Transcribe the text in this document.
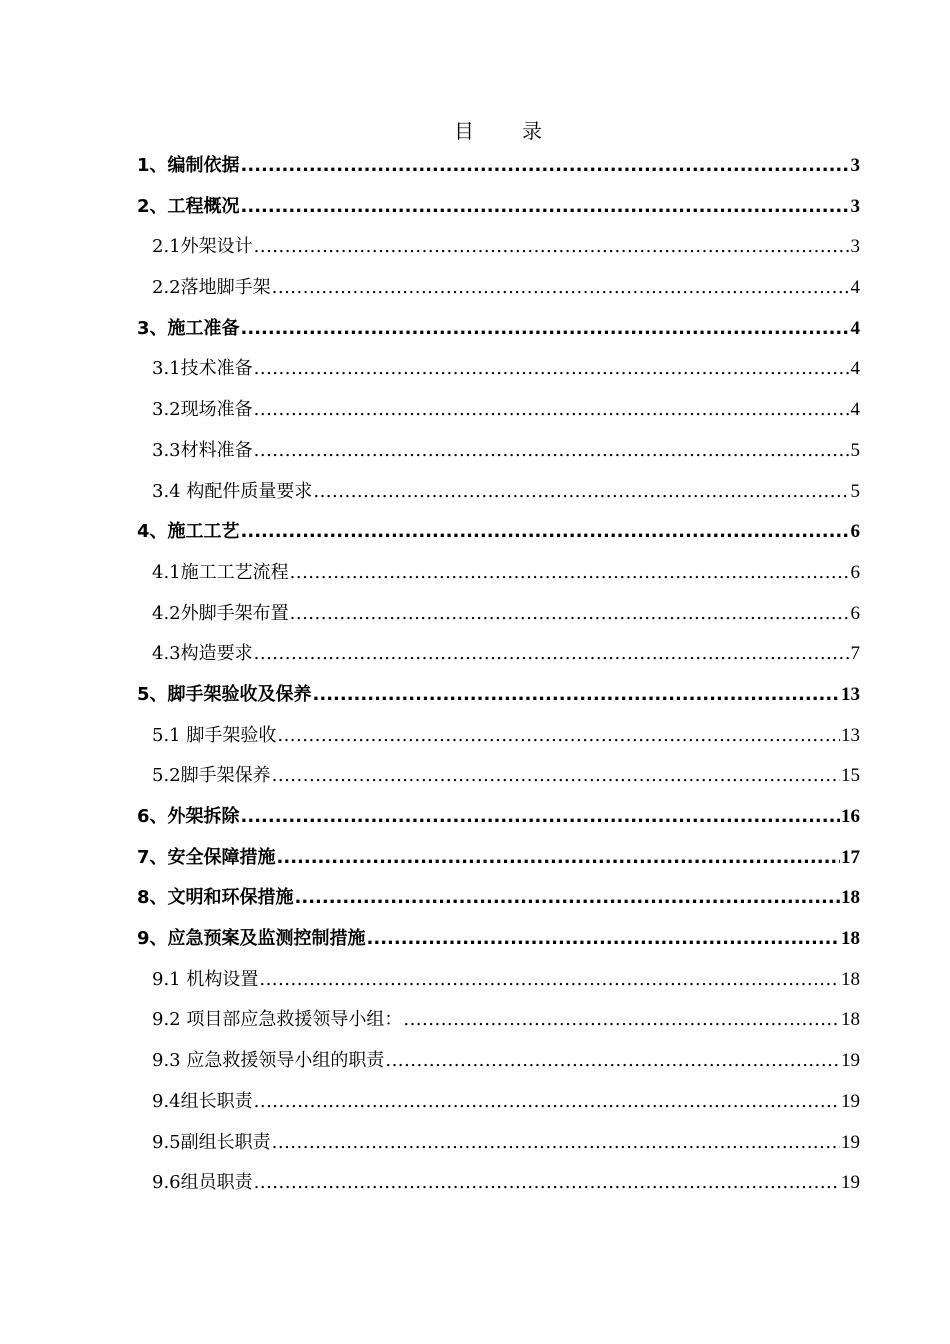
目　录
1、编制依据 .....	3
2、工程概况 .....	3
2.1外架设计 .....	3
2.2落地脚手架 .....	4
3、施工准备 .....	4
3.1技术准备 .....	4
3.2现场准备 .....	4
3.3材料准备 .....	5
3.4 构配件质量要求 .....	5
4、施工工艺 .....	6
4.1施工工艺流程 .....	6
4.2外脚手架布置 .....	6
4.3构造要求 .....	7
5、脚手架验收及保养 .....	13
5.1 脚手架验收 .....	13
5.2脚手架保养 .....	15
6、外架拆除 .....	16
7、安全保障措施 .....	17
8、文明和环保措施 .....	18
9、应急预案及监测控制措施 .....	18
9.1 机构设置 .....	18
9.2 项目部应急救援领导小组： .....	18
9.3 应急救援领导小组的职责 .....	19
9.4组长职责 .....	19
9.5副组长职责 .....	19
9.6组员职责 .....	19
